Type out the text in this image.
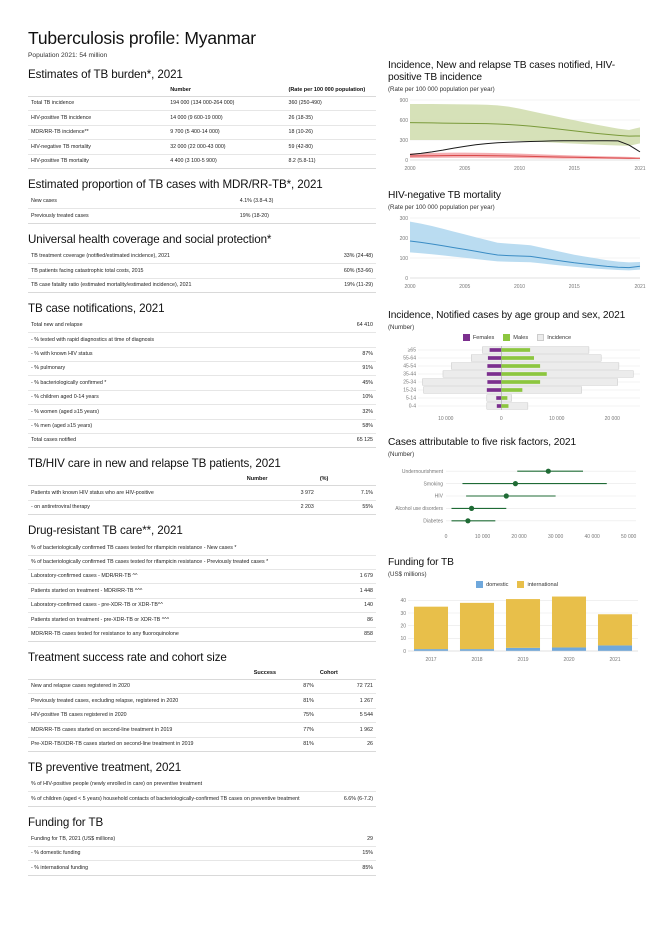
Tuberculosis profile: Myanmar
Population 2021: 54 million
Estimates of TB burden*, 2021
	Number	(Rate per 100 000 population)
Total TB incidence	194 000 (134 000-264 000)	360 (250-490)
HIV-positive TB incidence	14 000 (9 600-19 000)	26 (18-35)
MDR/RR-TB incidence**	9 700 (5 400-14 000)	18 (10-26)
HIV-negative TB mortality	32 000 (22 000-43 000)	59 (42-80)
HIV-positive TB mortality	4 400 (3 100-5 900)	8.2 (5.8-11)
Estimated proportion of TB cases with MDR/RR-TB*, 2021
New cases	4.1% (3.8-4.3)
Previously treated cases	19% (18-20)
Universal health coverage and social protection*
TB treatment coverage (notified/estimated incidence), 2021	33% (24-48)
TB patients facing catastrophic total costs, 2015	60% (53-66)
TB case fatality ratio (estimated mortality/estimated incidence), 2021	19% (11-29)
TB case notifications, 2021
Total new and relapse	64 410
- % tested with rapid diagnostics at time of diagnosis	
- % with known HIV status	87%
- % pulmonary	91%
- % bacteriologically confirmed *	45%
- % children aged 0-14 years	10%
- % women (aged ≥15 years)	32%
- % men (aged ≥15 years)	58%
Total cases notified	65 125
TB/HIV care in new and relapse TB patients, 2021
	Number	(%)
Patients with known HIV status who are HIV-positive	3 972	7.1%
- on antiretroviral therapy	2 203	55%
Drug-resistant TB care**, 2021
% of bacteriologically confirmed TB cases tested for rifampicin resistance - New cases *	
% of bacteriologically confirmed TB cases tested for rifampicin resistance - Previously treated cases *	
Laboratory-confirmed cases - MDR/RR-TB ^^	1 679
Patients started on treatment - MDR/RR-TB ^^^	1 448
Laboratory-confirmed cases - pre-XDR-TB or XDR-TB^^	140
Patients started on treatment - pre-XDR-TB or XDR-TB ^^^	86
MDR/RR-TB cases tested for resistance to any fluoroquinolone	858
Treatment success rate and cohort size
	Success	Cohort
New and relapse cases registered in 2020	87%	72 721
Previously treated cases, excluding relapse, registered in 2020	81%	1 267
HIV-positive TB cases registered in 2020	75%	5 544
MDR/RR-TB cases started on second-line treatment in 2019	77%	1 962
Pre-XDR-TB/XDR-TB cases started on second-line treatment in 2019	81%	26
TB preventive treatment, 2021
% of HIV-positive people (newly enrolled in care) on preventive treatment	
% of children (aged < 5 years) household contacts of bacteriologically-confirmed TB cases on preventive treatment	6.6% (6-7.2)
Funding for TB
Funding for TB, 2021 (US$ millions)	29
- % domestic funding	15%
- % international funding	85%
Incidence, New and relapse TB cases notified, HIV-positive TB incidence
(Rate per 100 000 population per year)
0
300
600
900
2000	2005	2010	2015	2021
HIV-negative TB mortality
(Rate per 100 000 population per year)
0
100
200
300
2000	2005	2010	2015	2021
Incidence, Notified cases by age group and sex, 2021
(Number)
Females	Males	Incidence
≥65
55-64
45-54
35-44
25-34
15-24
5-14
0-4
10 000	0	10 000	20 000
Cases attributable to five risk factors, 2021
(Number)
Undernourishment
Smoking
HIV
Alcohol use disorders
Diabetes
0	10 000	20 000	30 000	40 000	50 000
Funding for TB
(US$ millions)
domestic	international
0
10
20
30
40
2017	2018	2019	2020	2021
